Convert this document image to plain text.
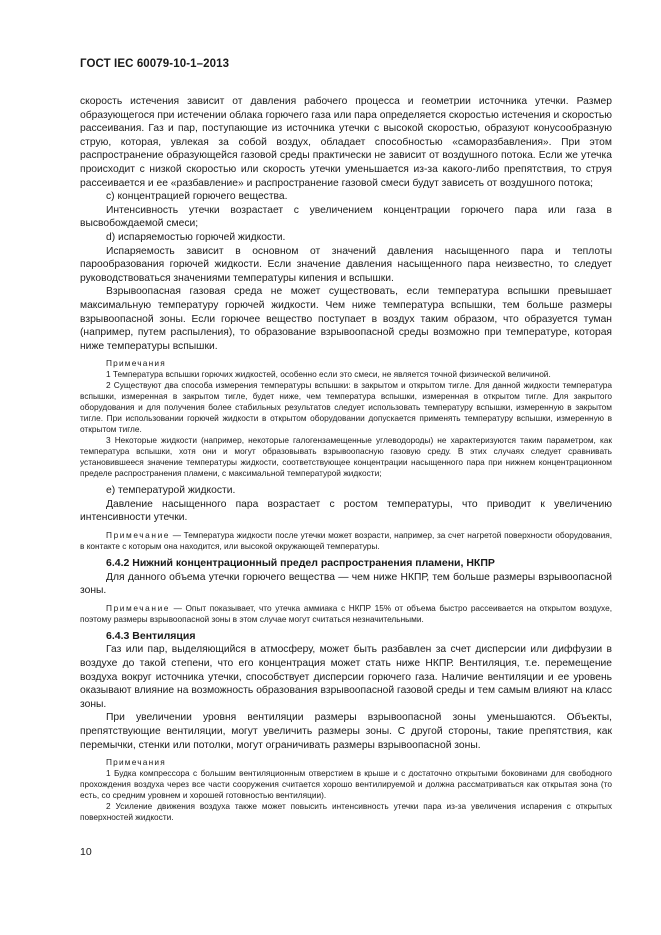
ГОСТ IEC 60079-10-1–2013

скорость истечения зависит от давления рабочего процесса и геометрии источника утечки. Размер образующегося при истечении облака горючего газа или пара определяется скоростью истечения и скоростью рассеивания. Газ и пар, поступающие из источника утечки с высокой скоростью, образуют конусообразную струю, которая, увлекая за собой воздух, обладает способностью «саморазбавления». При этом распространение образующейся газовой среды практически не зависит от воздушного потока. Если же утечка происходит с низкой скоростью или скорость утечки уменьшается из-за какого-либо препятствия, то струя рассеивается и ее «разбавление» и распространение газовой смеси будут зависеть от воздушного потока;

с) концентрацией горючего вещества.

Интенсивность утечки возрастает с увеличением концентрации горючего пара или газа в высвобождаемой смеси;

d) испаряемостью горючей жидкости.

Испаряемость зависит в основном от значений давления насыщенного пара и теплоты парообразования горючей жидкости. Если значение давления насыщенного пара неизвестно, то следует руководствоваться значениями температуры кипения и вспышки.

Взрывоопасная газовая среда не может существовать, если температура вспышки превышает максимальную температуру горючей жидкости. Чем ниже температура вспышки, тем больше размеры взрывоопасной зоны. Если горючее вещество поступает в воздух таким образом, что образуется туман (например, путем распыления), то образование взрывоопасной среды возможно при температуре, которая ниже температуры вспышки.

Примечания

1 Температура вспышки горючих жидкостей, особенно если это смеси, не является точной физической величиной.

2 Существуют два способа измерения температуры вспышки: в закрытом и открытом тигле. Для данной жидкости температура вспышки, измеренная в закрытом тигле, будет ниже, чем температура вспышки, измеренная в открытом тигле. Для закрытого оборудования и для получения более стабильных результатов следует использовать температуру вспышки, измеренную в закрытом тигле. При использовании горючей жидкости в открытом оборудовании допускается применять температуру вспышки, измеренную в открытом тигле.

3 Некоторые жидкости (например, некоторые галогензамещенные углеводороды) не характеризуются таким параметром, как температура вспышки, хотя они и могут образовывать взрывоопасную газовую среду. В этих случаях следует сравнивать установившееся значение температуры жидкости, соответствующее концентрации насыщенного пара при нижнем концентрационном пределе распространения пламени, с максимальной температурой жидкости;

е) температурой жидкости.

Давление насыщенного пара возрастает с ростом температуры, что приводит к увеличению интенсивности утечки.

Примечание — Температура жидкости после утечки может возрасти, например, за счет нагретой поверхности оборудования, в контакте с которым она находится, или высокой окружающей температуры.

6.4.2 Нижний концентрационный предел распространения пламени, НКПР

Для данного объема утечки горючего вещества — чем ниже НКПР, тем больше размеры взрывоопасной зоны.

Примечание — Опыт показывает, что утечка аммиака с НКПР 15% от объема быстро рассеивается на открытом воздухе, поэтому размеры взрывоопасной зоны в этом случае могут считаться незначительными.

6.4.3 Вентиляция

Газ или пар, выделяющийся в атмосферу, может быть разбавлен за счет дисперсии или диффузии в воздухе до такой степени, что его концентрация может стать ниже НКПР. Вентиляция, т.е. перемещение воздуха вокруг источника утечки, способствует дисперсии горючего газа. Наличие вентиляции и ее уровень оказывают влияние на возможность образования взрывоопасной газовой среды и тем самым влияют на класс зоны.

При увеличении уровня вентиляции размеры взрывоопасной зоны уменьшаются. Объекты, препятствующие вентиляции, могут увеличить размеры зоны. С другой стороны, такие препятствия, как перемычки, стенки или потолки, могут ограничивать размеры взрывоопасной зоны.

Примечания

1 Будка компрессора с большим вентиляционным отверстием в крыше и с достаточно открытыми боковинами для свободного прохождения воздуха через все части сооружения считается хорошо вентилируемой и должна рассматриваться как открытая зона (то есть, со средним уровнем и хорошей готовностью вентиляции).

2 Усиление движения воздуха также может повысить интенсивность утечки пара из-за увеличения испарения с открытых поверхностей жидкости.

10
